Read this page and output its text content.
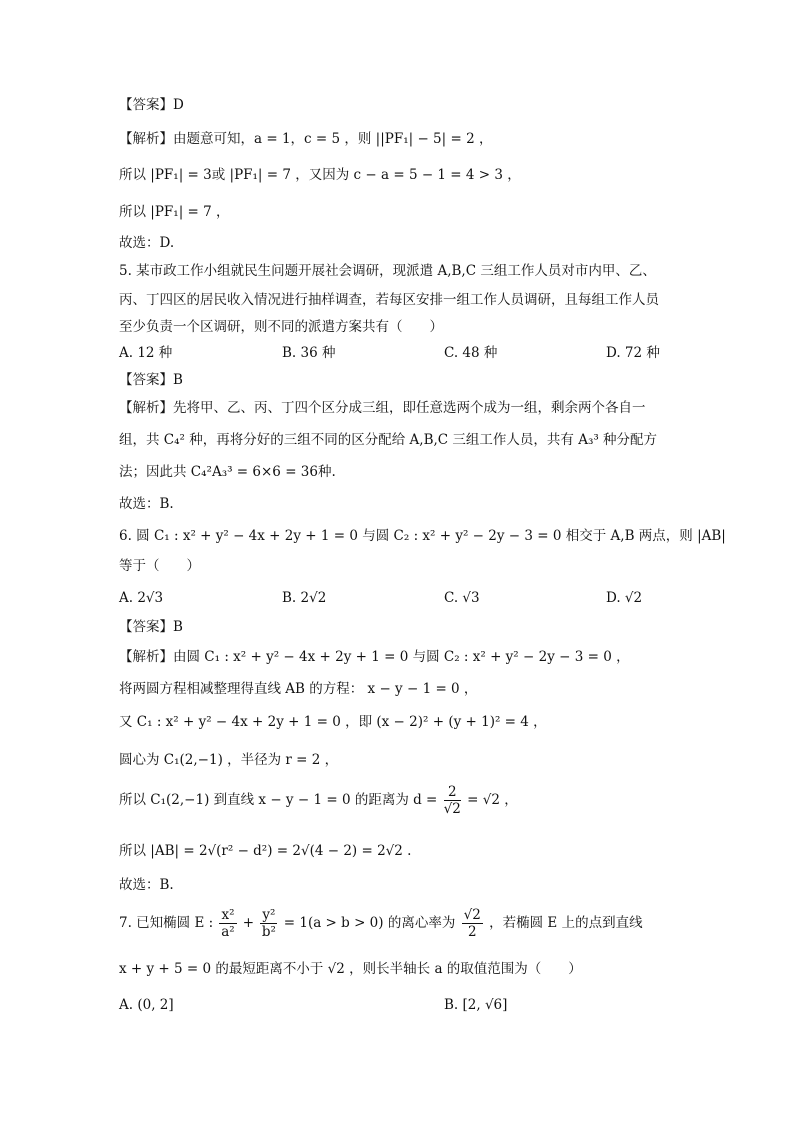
【答案】D
【解析】由题意可知，a = 1，c = 5 ，则 ||PF₁| − 5| = 2 ，
所以 |PF₁| = 3或 |PF₁| = 7 ，又因为 c − a = 5 − 1 = 4 > 3 ，
所以 |PF₁| = 7 ，
故选：D.
5. 某市政工作小组就民生问题开展社会调研，现派遣 A,B,C 三组工作人员对市内甲、乙、
丙、丁四区的居民收入情况进行抽样调查，若每区安排一组工作人员调研，且每组工作人员
至少负责一个区调研，则不同的派遣方案共有（　　）
A. 12 种	B. 36 种	C. 48 种	D. 72 种
【答案】B
【解析】先将甲、乙、丙、丁四个区分成三组，即任意选两个成为一组，剩余两个各自一
组，共 C₄² 种，再将分好的三组不同的区分配给 A,B,C 三组工作人员，共有 A₃³ 种分配方
法；因此共 C₄²A₃³ = 6×6 = 36种.
故选：B.
6. 圆 C₁ : x² + y² − 4x + 2y + 1 = 0 与圆 C₂ : x² + y² − 2y − 3 = 0 相交于 A,B 两点，则 |AB|
等于（　　）
A. 2√3	B. 2√2	C. √3	D. √2
【答案】B
【解析】由圆 C₁ : x² + y² − 4x + 2y + 1 = 0 与圆 C₂ : x² + y² − 2y − 3 = 0 ，
将两圆方程相减整理得直线 AB 的方程： x − y − 1 = 0 ，
又 C₁ : x² + y² − 4x + 2y + 1 = 0 ，即 (x − 2)² + (y + 1)² = 4 ，
圆心为 C₁(2,−1) ，半径为 r = 2 ，
所以 C₁(2,−1) 到直线 x − y − 1 = 0 的距离为 $d = \frac{2}{√2} = √2$ ，
所以 |AB| = 2√(r² − d²) = 2√(4 − 2) = 2√2 .
故选：B.
7. 已知椭圆 E : $\frac{\text{x²}}{\text{a²}} + \frac{\text{y²}}{\text{b²}} = 1(a > b > 0)$ 的离心率为 $\frac{√2}{2}$ ，若椭圆 E 上的点到直线
x + y + 5 = 0 的最短距离不小于 √2 ，则长半轴长 a 的取值范围为（　　）
A. (0, 2]	B. [2, √6]
